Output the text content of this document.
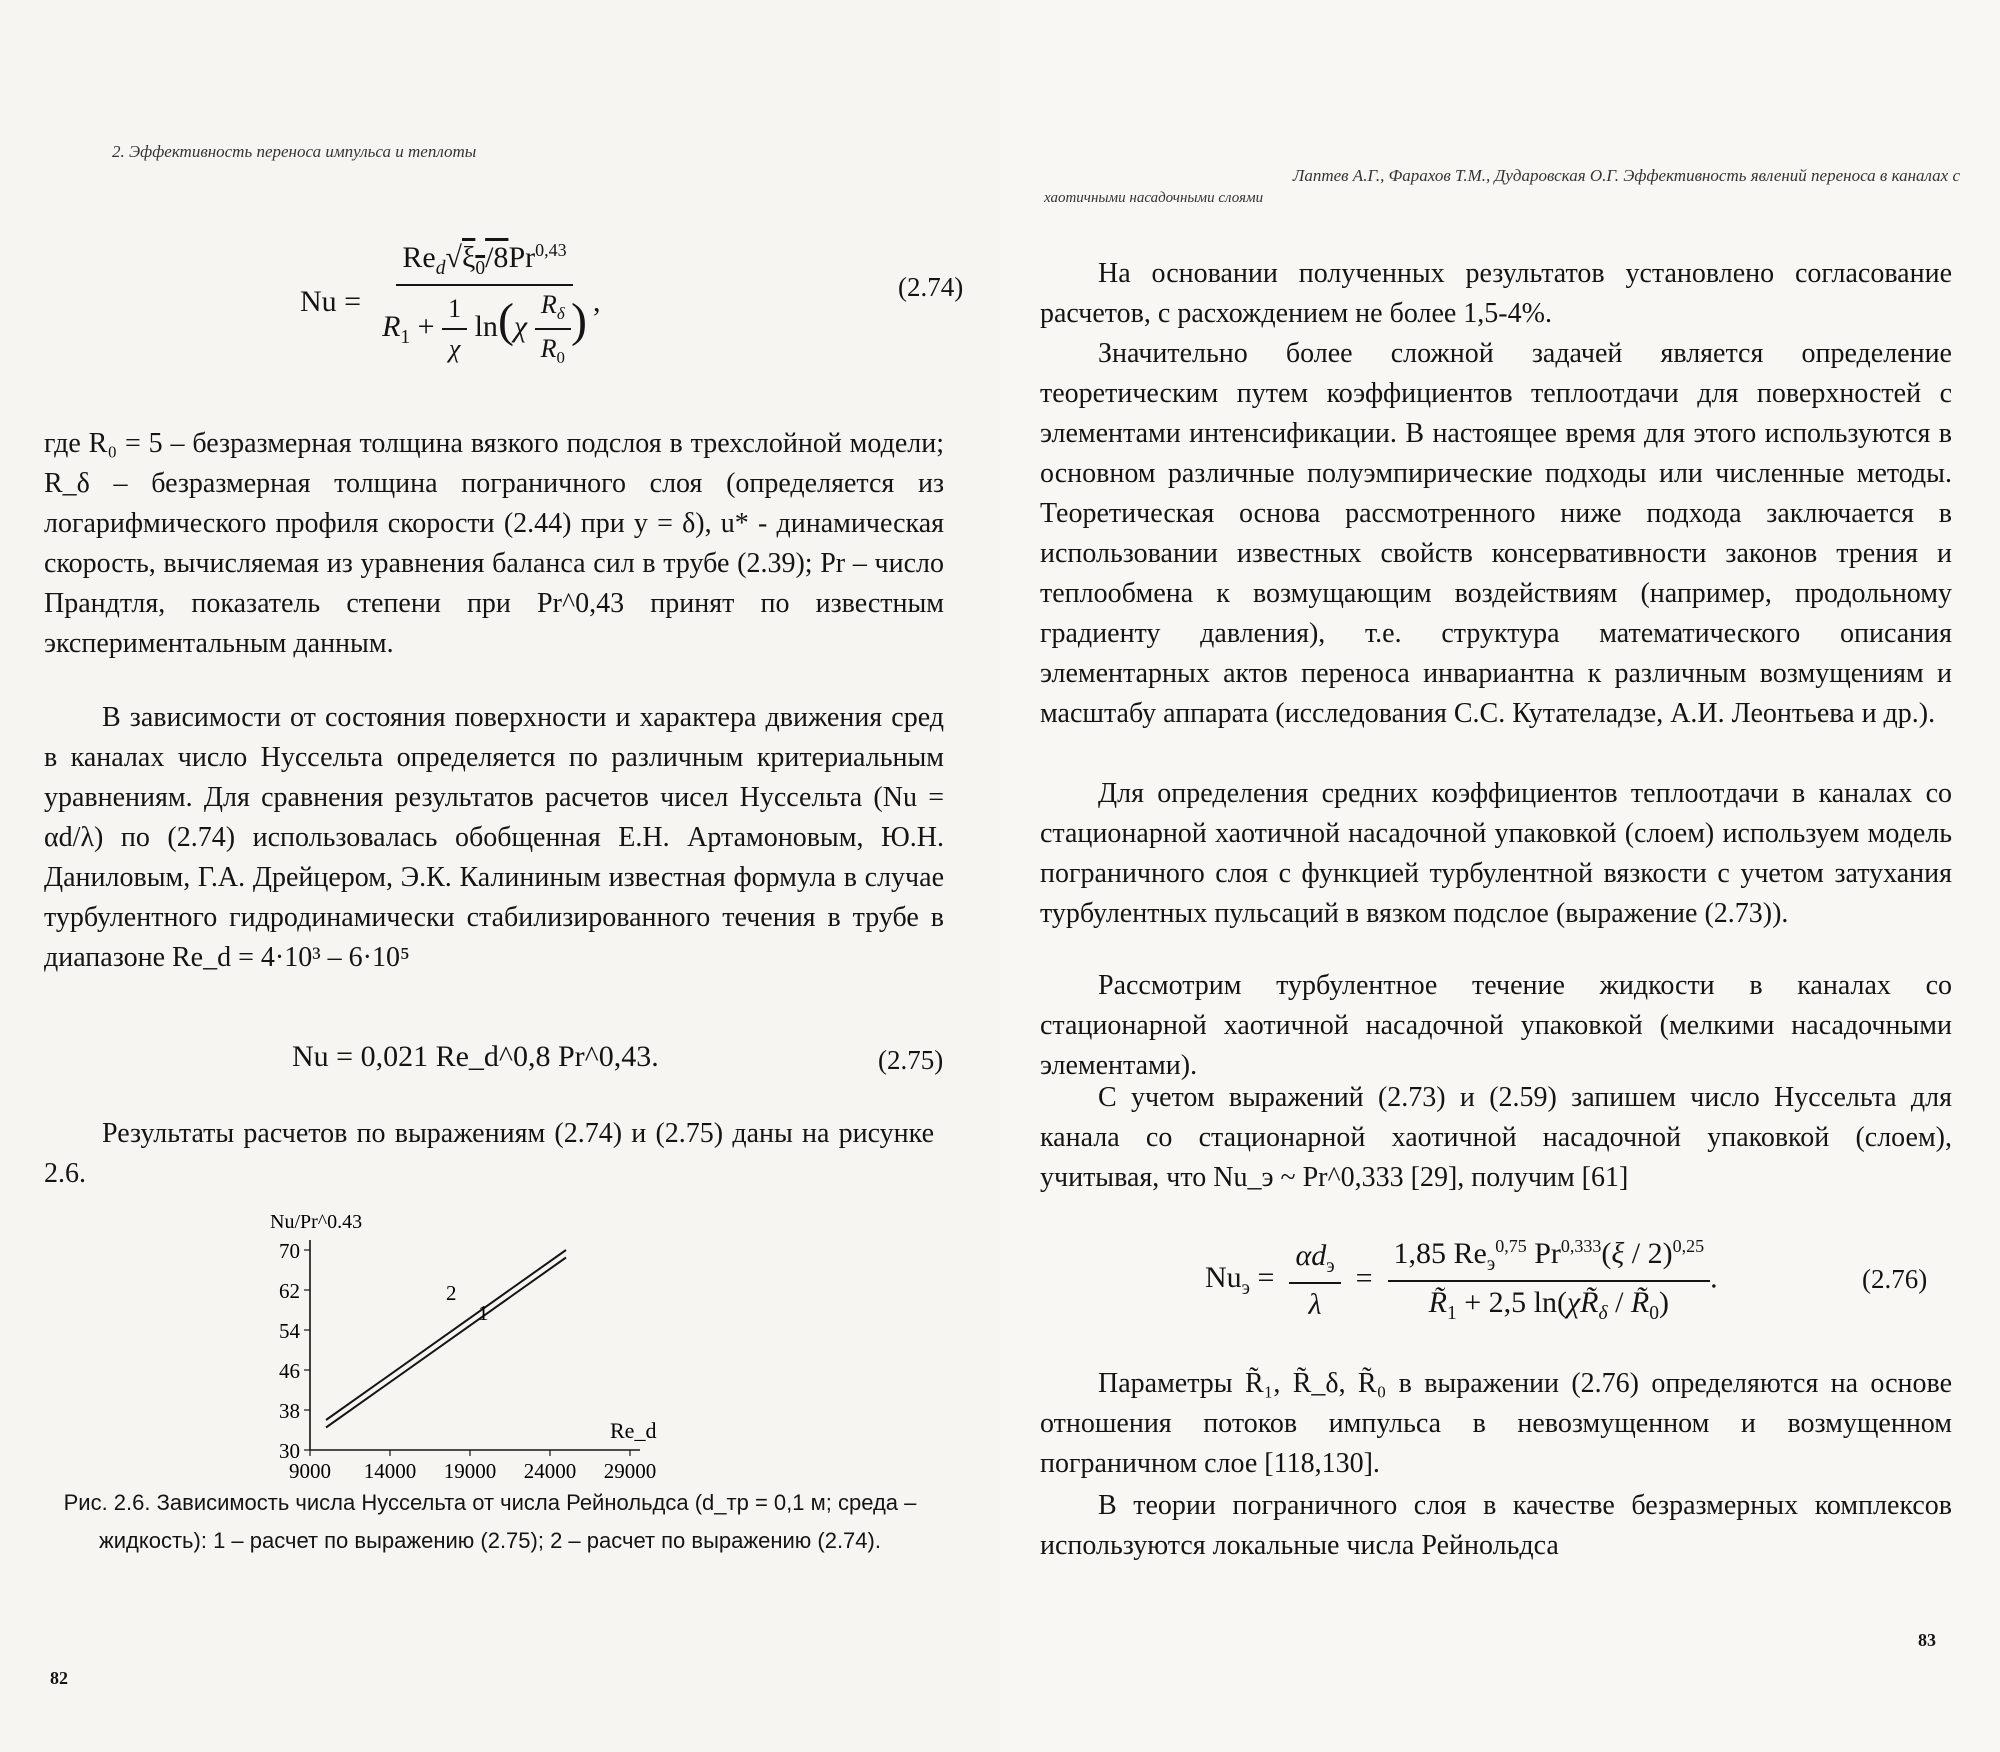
2. Эффективность переноса импульса и теплоты
$Nu = \frac{Re_d√\xi_0/8Pr^{0,43}}{R_1 + \frac{1}{\chi} \ln(\chi \frac{R_\delta}{R_0} )}$ ,	(2.74)

где R₀ = 5 – безразмерная толщина вязкого подслоя в трехслойной модели; R_δ – безразмерная толщина пограничного слоя (определяется из логарифмического профиля скорости (2.44) при y = δ), u* - динамическая скорость, вычисляемая из уравнения баланса сил в трубе (2.39); Pr – число Прандтля, показатель степени при Pr^0,43 принят по известным экспериментальным данным.

В зависимости от состояния поверхности и характера движения сред в каналах число Нуссельта определяется по различным критериальным уравнениям. Для сравнения результатов расчетов чисел Нуссельта (Nu = αd/λ) по (2.74) использовалась обобщенная Е.Н. Артамоновым, Ю.Н. Даниловым, Г.А. Дрейцером, Э.К. Калининым известная формула в случае турбулентного гидродинамически стабилизированного течения в трубе в диапазоне Re_d = 4·10³ – 6·10⁵

Nu = 0,021 Re_d^0,8 Pr^0,43.	(2.75)

Результаты расчетов по выражениям (2.74) и (2.75) даны на рисунке 2.6.

30
38
46
54
62
70
9000 14000 19000 24000 29000
1
2
Nu/Pr^0.43
Re_d

Рис. 2.6. Зависимость числа Нуссельта от числа Рейнольдса (d_тр = 0,1 м; среда – жидкость): 1 – расчет по выражению (2.75); 2 – расчет по выражению (2.74).

82
Лаптев А.Г., Фарахов Т.М., Дударовская О.Г. Эффективность явлений переноса в каналах с
хаотичными насадочными слоями

На основании полученных результатов установлено согласование расчетов, с расхождением не более 1,5-4%.

Значительно более сложной задачей является определение теоретическим путем коэффициентов теплоотдачи для поверхностей с элементами интенсификации. В настоящее время для этого используются в основном различные полуэмпирические подходы или численные методы. Теоретическая основа рассмотренного ниже подхода заключается в использовании известных свойств консервативности законов трения и теплообмена к возмущающим воздействиям (например, продольному градиенту давления), т.е. структура математического описания элементарных актов переноса инвариантна к различным возмущениям и масштабу аппарата (исследования С.С. Кутателадзе, А.И. Леонтьева и др.).

Для определения средних коэффициентов теплоотдачи в каналах со стационарной хаотичной насадочной упаковкой (слоем) используем модель пограничного слоя с функцией турбулентной вязкости с учетом затухания турбулентных пульсаций в вязком подслое (выражение (2.73)).

Рассмотрим турбулентное течение жидкости в каналах со стационарной хаотичной насадочной упаковкой (мелкими насадочными элементами).

С учетом выражений (2.73) и (2.59) запишем число Нуссельта для канала со стационарной хаотичной насадочной упаковкой (слоем), учитывая, что Nu_э ~ Pr^0,333 [29], получим [61]

$Nu_э = \frac{\alpha d_э}{\lambda} = \frac{1,85 Re_э^{0,75} Pr^{0,333}(\xi / 2)^{0,25}}{R̃_1 + 2,5 \ln(\chi R̃_\delta / R̃_0)}$ .	(2.76)

Параметры R̃₁, R̃_δ, R̃₀ в выражении (2.76) определяются на основе отношения потоков импульса в невозмущенном и возмущенном пограничном слое [118,130].

В теории пограничного слоя в качестве безразмерных комплексов используются локальные числа Рейнольдса

83
